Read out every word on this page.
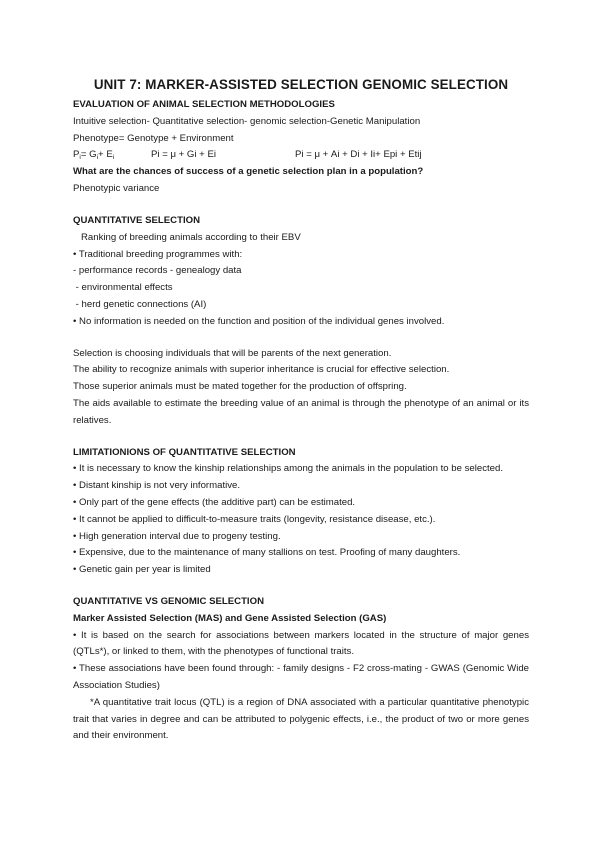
UNIT 7: MARKER-ASSISTED SELECTION GENOMIC SELECTION

EVALUATION OF ANIMAL SELECTION METHODOLOGIES

Intuitive selection- Quantitative selection- genomic selection-Genetic Manipulation

Phenotype= Genotype + Environment

$P_i= G_i+ E_i$	Pi = μ + Gi + Ei	Pi = μ + Ai + Di + Ii+ Epi + Etij

What are the chances of success of a genetic selection plan in a population?

Phenotypic variance

QUANTITATIVE SELECTION

Ranking of breeding animals according to their EBV

• Traditional breeding programmes with:

- performance records - genealogy data

- environmental effects

- herd genetic connections (AI)

• No information is needed on the function and position of the individual genes involved.

Selection is choosing individuals that will be parents of the next generation.

The ability to recognize animals with superior inheritance is crucial for effective selection.

Those superior animals must be mated together for the production of offspring.

The aids available to estimate the breeding value of an animal is through the phenotype of an animal or its relatives.

LIMITATIONIONS OF QUANTITATIVE SELECTION

• It is necessary to know the kinship relationships among the animals in the population to be selected.

• Distant kinship is not very informative.

• Only part of the gene effects (the additive part) can be estimated.

• It cannot be applied to difficult-to-measure traits (longevity, resistance disease, etc.).

• High generation interval due to progeny testing.

• Expensive, due to the maintenance of many stallions on test. Proofing of many daughters.

• Genetic gain per year is limited

QUANTITATIVE VS GENOMIC SELECTION

Marker Assisted Selection (MAS) and Gene Assisted Selection (GAS)

• It is based on the search for associations between markers located in the structure of major genes (QTLs*), or linked to them, with the phenotypes of functional traits.

• These associations have been found through: - family designs - F2 cross-mating - GWAS (Genomic Wide Association Studies)

*A quantitative trait locus (QTL) is a region of DNA associated with a particular quantitative phenotypic trait that varies in degree and can be attributed to polygenic effects, i.e., the product of two or more genes and their environment.
